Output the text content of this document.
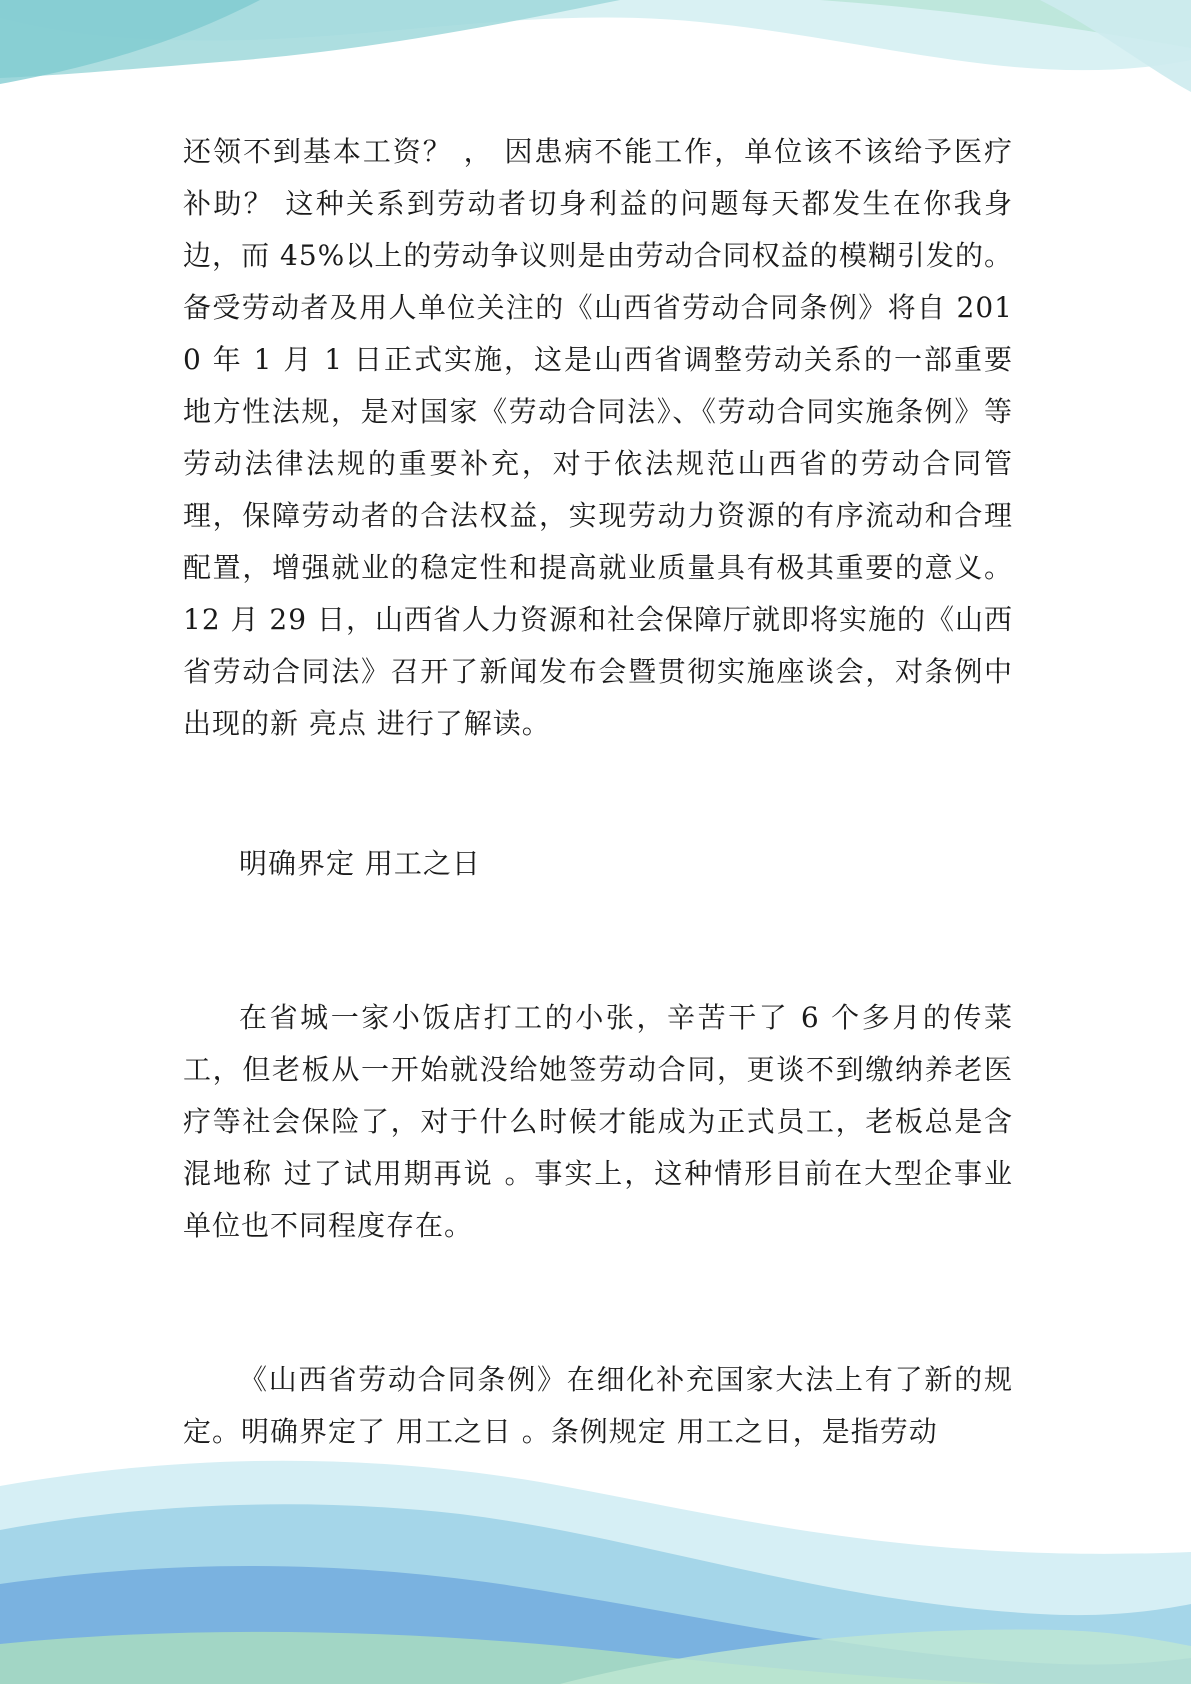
还领不到基本工资？ ， 因患病不能工作，单位该不该给予医疗补助？ 这种关系到劳动者切身利益的问题每天都发生在你我身边，而 45%以上的劳动争议则是由劳动合同权益的模糊引发的。备受劳动者及用人单位关注的《山西省劳动合同条例》将自 2010 年 1 月 1 日正式实施，这是山西省调整劳动关系的一部重要地方性法规，是对国家《劳动合同法》、《劳动合同实施条例》等劳动法律法规的重要补充，对于依法规范山西省的劳动合同管理，保障劳动者的合法权益，实现劳动力资源的有序流动和合理配置，增强就业的稳定性和提高就业质量具有极其重要的意义。 12 月 29 日，山西省人力资源和社会保障厅就即将实施的《山西省劳动合同法》召开了新闻发布会暨贯彻实施座谈会，对条例中出现的新 亮点 进行了解读。

明确界定 用工之日

在省城一家小饭店打工的小张，辛苦干了 6 个多月的传菜工，但老板从一开始就没给她签劳动合同，更谈不到缴纳养老医疗等社会保险了，对于什么时候才能成为正式员工，老板总是含混地称 过了试用期再说 。事实上，这种情形目前在大型企事业单位也不同程度存在。

《山西省劳动合同条例》在细化补充国家大法上有了新的规定。明确界定了 用工之日 。条例规定 用工之日，是指劳动
